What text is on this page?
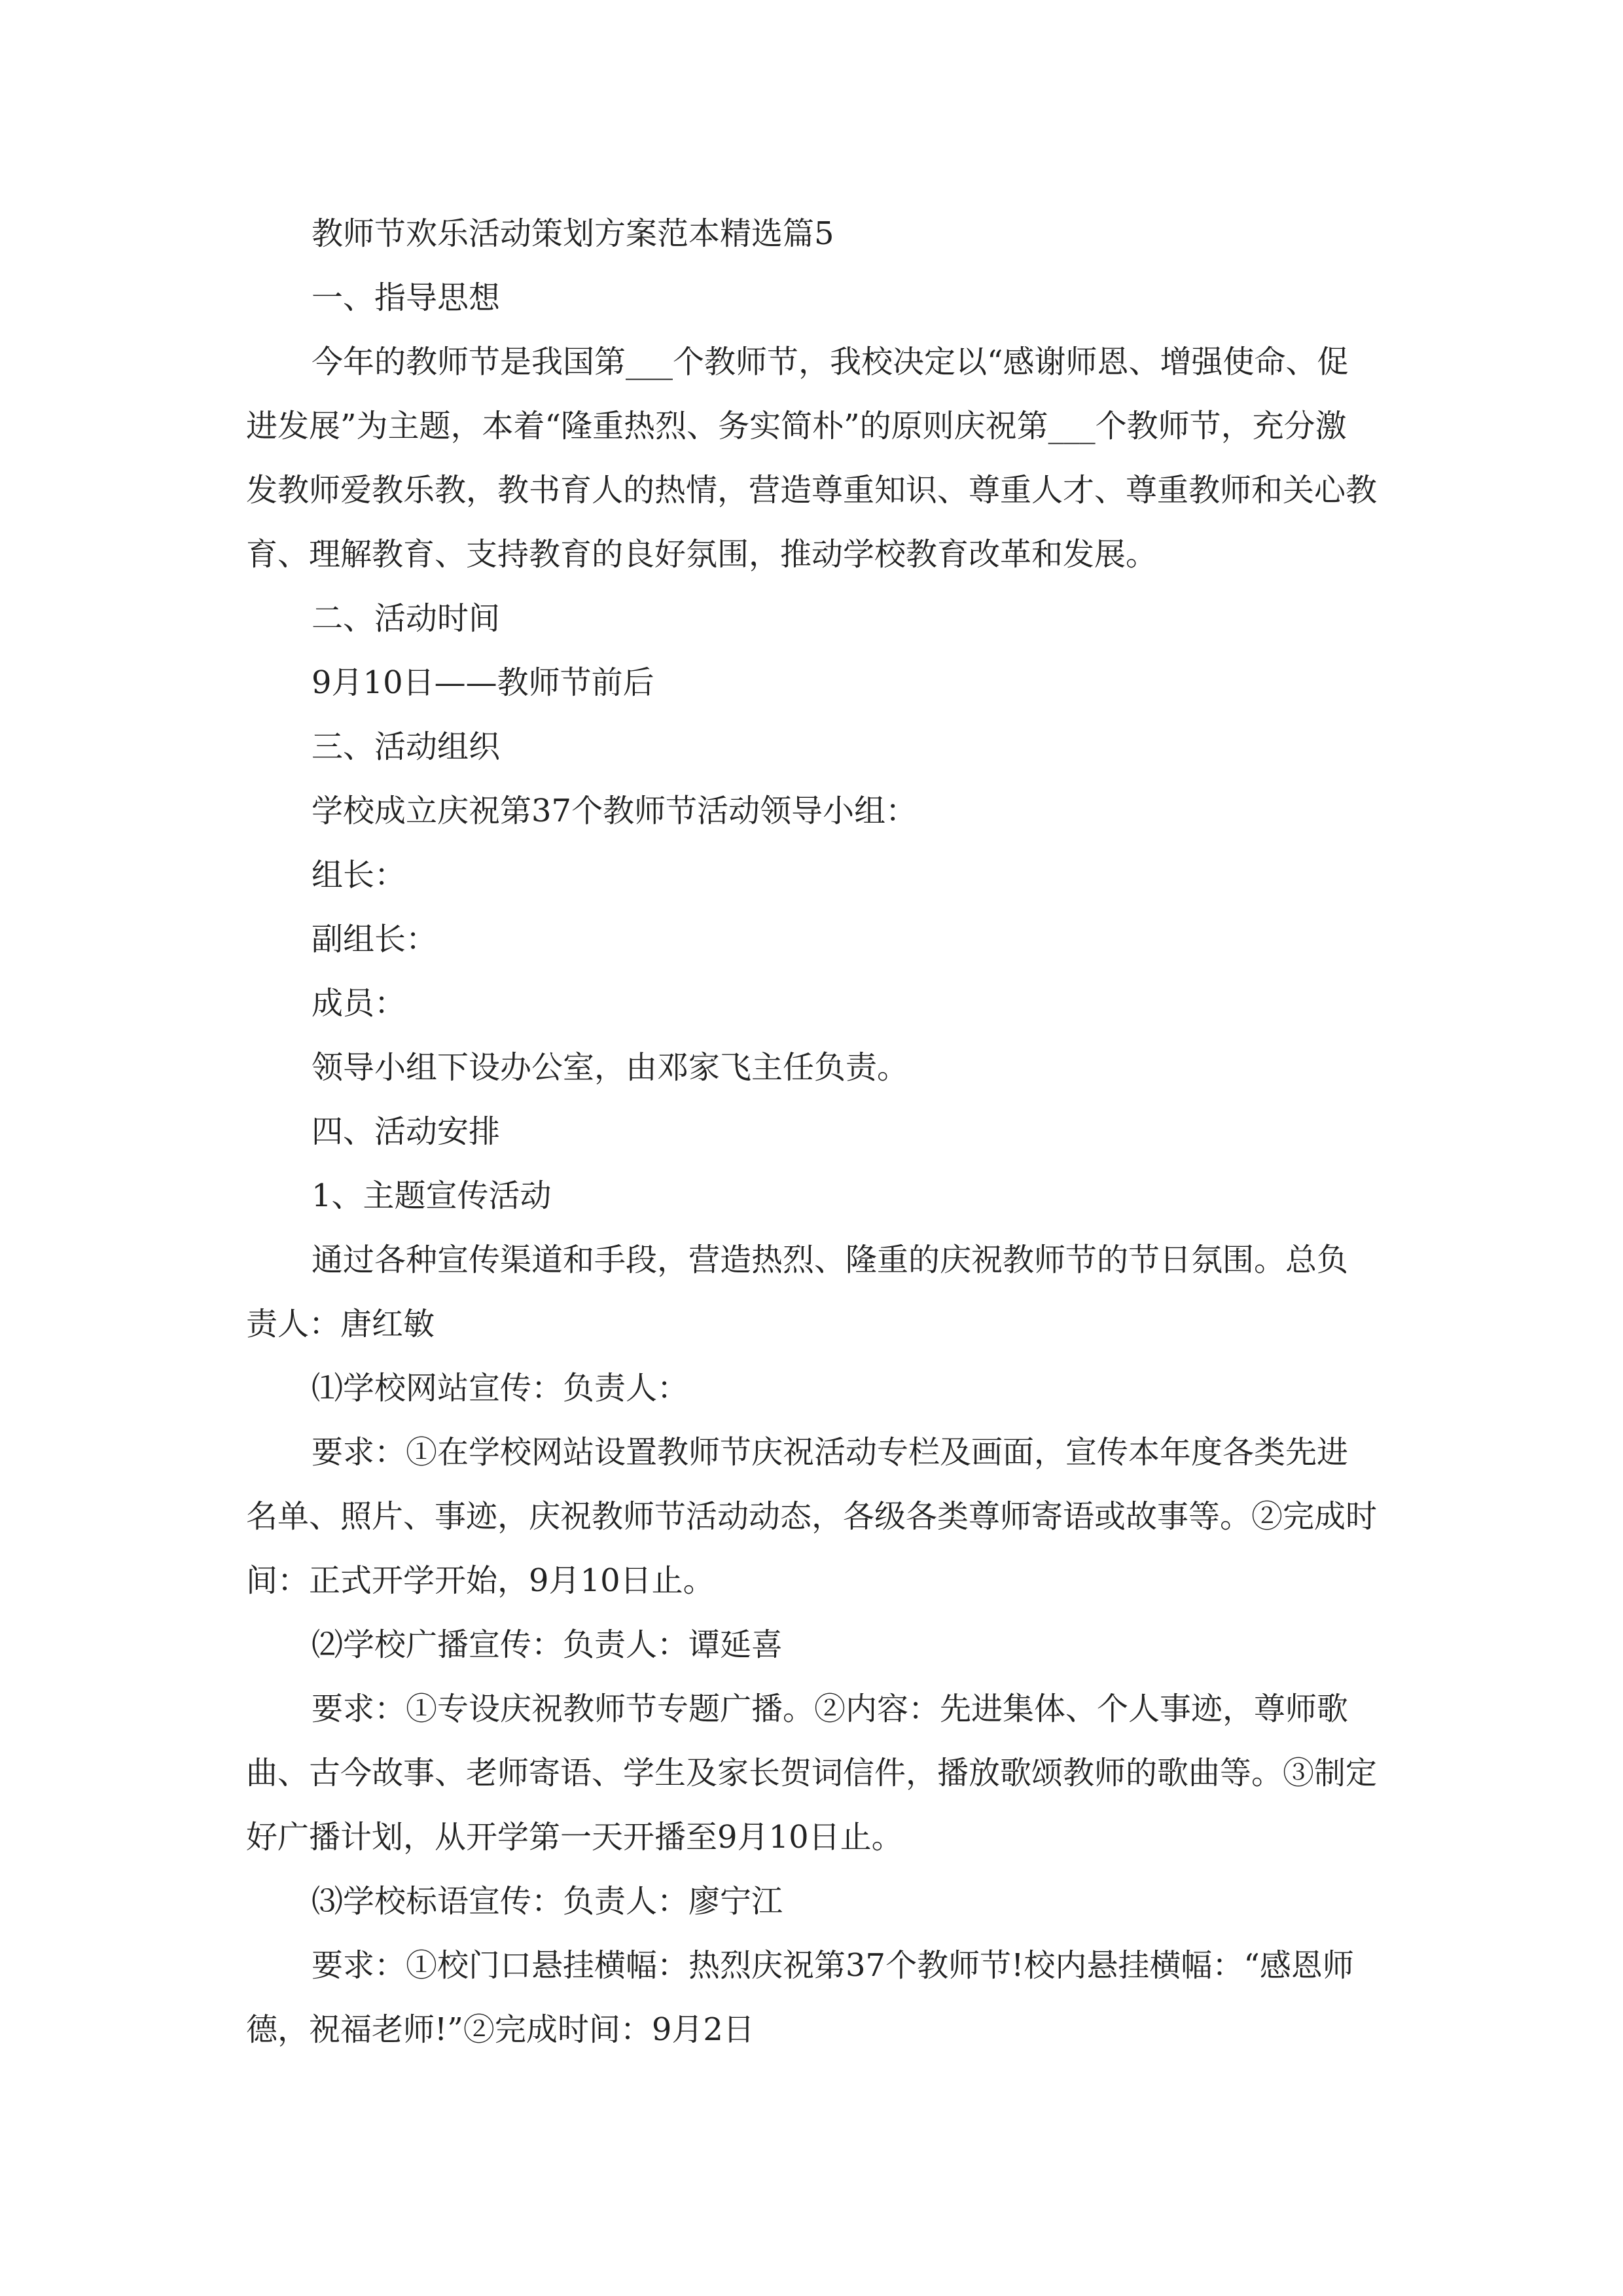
教师节欢乐活动策划方案范本精选篇5

一、指导思想

今年的教师节是我国第___个教师节，我校决定以“感谢师恩、增强使命、促进发展”为主题，本着“隆重热烈、务实简朴”的原则庆祝第___个教师节，充分激发教师爱教乐教，教书育人的热情，营造尊重知识、尊重人才、尊重教师和关心教育、理解教育、支持教育的良好氛围，推动学校教育改革和发展。

二、活动时间

9月10日——教师节前后

三、活动组织

学校成立庆祝第37个教师节活动领导小组：

组长：

副组长：

成员：

领导小组下设办公室，由邓家飞主任负责。

四、活动安排

1、主题宣传活动

通过各种宣传渠道和手段，营造热烈、隆重的庆祝教师节的节日氛围。总负责人：唐红敏

⑴学校网站宣传：负责人：

要求：①在学校网站设置教师节庆祝活动专栏及画面，宣传本年度各类先进名单、照片、事迹，庆祝教师节活动动态，各级各类尊师寄语或故事等。②完成时间：正式开学开始，9月10日止。

⑵学校广播宣传：负责人：谭延喜

要求：①专设庆祝教师节专题广播。②内容：先进集体、个人事迹，尊师歌曲、古今故事、老师寄语、学生及家长贺词信件，播放歌颂教师的歌曲等。③制定好广播计划，从开学第一天开播至9月10日止。

⑶学校标语宣传：负责人：廖宁江

要求：①校门口悬挂横幅：热烈庆祝第37个教师节!校内悬挂横幅：“感恩师德，祝福老师!”②完成时间：9月2日
